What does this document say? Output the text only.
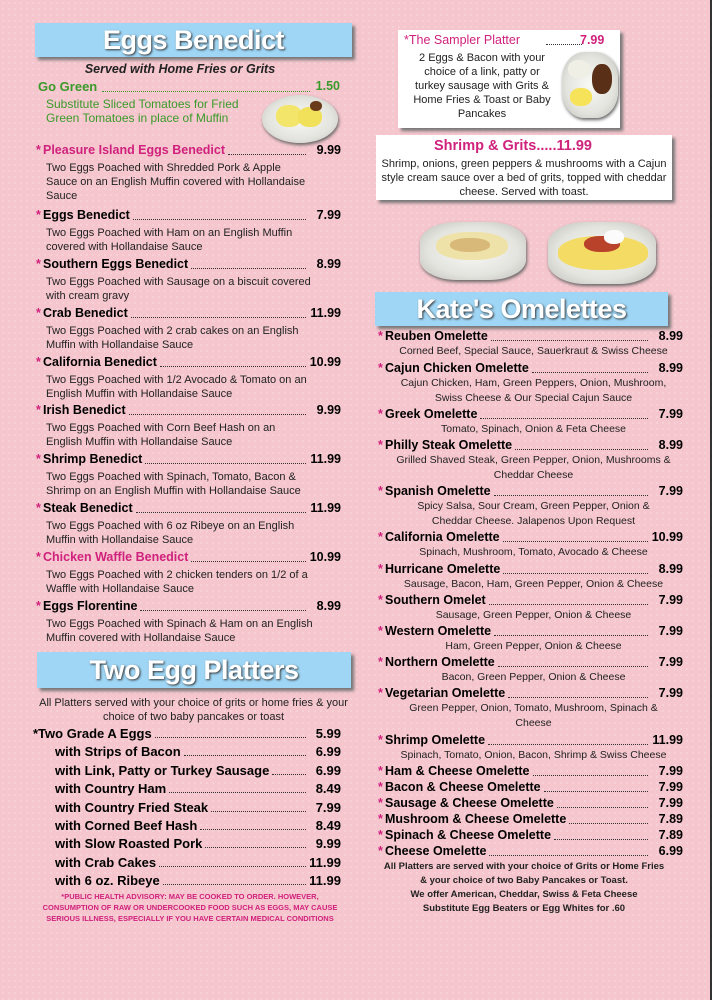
Eggs Benedict
Served with Home Fries or Grits
Go Green	1.50
Substitute Sliced Tomatoes for Fried Green Tomatoes in place of Muffin
* Pleasure Island Eggs Benedict	9.99
Two Eggs Poached with Shredded Pork & Apple Sauce on an English Muffin covered with Hollandaise Sauce
* Eggs Benedict	7.99
Two Eggs Poached with Ham on an English Muffin covered with Hollandaise Sauce
* Southern Eggs Benedict	8.99
Two Eggs Poached with Sausage on a biscuit covered with cream gravy
* Crab Benedict	11.99
Two Eggs Poached with 2 crab cakes on an English Muffin with Hollandaise Sauce
* California Benedict	10.99
Two Eggs Poached with 1/2 Avocado & Tomato on an English Muffin with Hollandaise Sauce
* Irish Benedict	9.99
Two Eggs Poached with Corn Beef Hash on an English Muffin with Hollandaise Sauce
* Shrimp Benedict	11.99
Two Eggs Poached with Spinach, Tomato, Bacon & Shrimp on an English Muffin with Hollandaise Sauce
* Steak Benedict	11.99
Two Eggs Poached with 6 oz Ribeye on an English Muffin with Hollandaise Sauce
* Chicken Waffle Benedict	10.99
Two Eggs Poached with 2 chicken tenders on 1/2 of a Waffle with Hollandaise Sauce
* Eggs Florentine	8.99
Two Eggs Poached with Spinach & Ham on an English Muffin covered with Hollandaise Sauce
Two Egg Platters
All Platters served with your choice of grits or home fries & your choice of two baby pancakes or toast
*Two Grade A Eggs	5.99
with Strips of Bacon	6.99
with Link, Patty or Turkey Sausage	6.99
with Country Ham	8.49
with Country Fried Steak	7.99
with Corned Beef Hash	8.49
with Slow Roasted Pork	9.99
with Crab Cakes	11.99
with 6 oz. Ribeye	11.99
*PUBLIC HEALTH ADVISORY: MAY BE COOKED TO ORDER. HOWEVER, CONSUMPTION OF RAW OR UNDERCOOKED FOOD SUCH AS EGGS, MAY CAUSE SERIOUS ILLNESS, ESPECIALLY IF YOU HAVE CERTAIN MEDICAL CONDITIONS
*The Sampler Platter	7.99
2 Eggs & Bacon with your choice of a link, patty or turkey sausage with Grits & Home Fries & Toast or Baby Pancakes
Shrimp & Grits.....11.99
Shrimp, onions, green peppers & mushrooms with a Cajun style cream sauce over a bed of grits, topped with cheddar cheese. Served with toast.
Kate's Omelettes
* Reuben Omelette	8.99
Corned Beef, Special Sauce, Sauerkraut & Swiss Cheese
* Cajun Chicken Omelette	8.99
Cajun Chicken, Ham, Green Peppers, Onion, Mushroom, Swiss Cheese & Our Special Cajun Sauce
* Greek Omelette	7.99
Tomato, Spinach, Onion & Feta Cheese
* Philly Steak Omelette	8.99
Grilled Shaved Steak, Green Pepper, Onion, Mushrooms & Cheddar Cheese
* Spanish Omelette	7.99
Spicy Salsa, Sour Cream, Green Pepper, Onion & Cheddar Cheese. Jalapenos Upon Request
* California Omelette	10.99
Spinach, Mushroom, Tomato, Avocado & Cheese
* Hurricane Omelette	8.99
Sausage, Bacon, Ham, Green Pepper, Onion & Cheese
* Southern Omelet	7.99
Sausage, Green Pepper, Onion & Cheese
* Western Omelette	7.99
Ham, Green Pepper, Onion & Cheese
* Northern Omelette	7.99
Bacon, Green Pepper, Onion & Cheese
* Vegetarian Omelette	7.99
Green Pepper, Onion, Tomato, Mushroom, Spinach & Cheese
* Shrimp Omelette	11.99
Spinach, Tomato, Onion, Bacon, Shrimp & Swiss Cheese
* Ham & Cheese Omelette	7.99
* Bacon & Cheese Omelette	7.99
* Sausage & Cheese Omelette	7.99
* Mushroom & Cheese Omelette	7.89
* Spinach & Cheese Omelette	7.89
* Cheese Omelette	6.99
All Platters are served with your choice of Grits or Home Fries
& your choice of two Baby Pancakes or Toast.
We offer American, Cheddar, Swiss & Feta Cheese
Substitute Egg Beaters or Egg Whites for .60
